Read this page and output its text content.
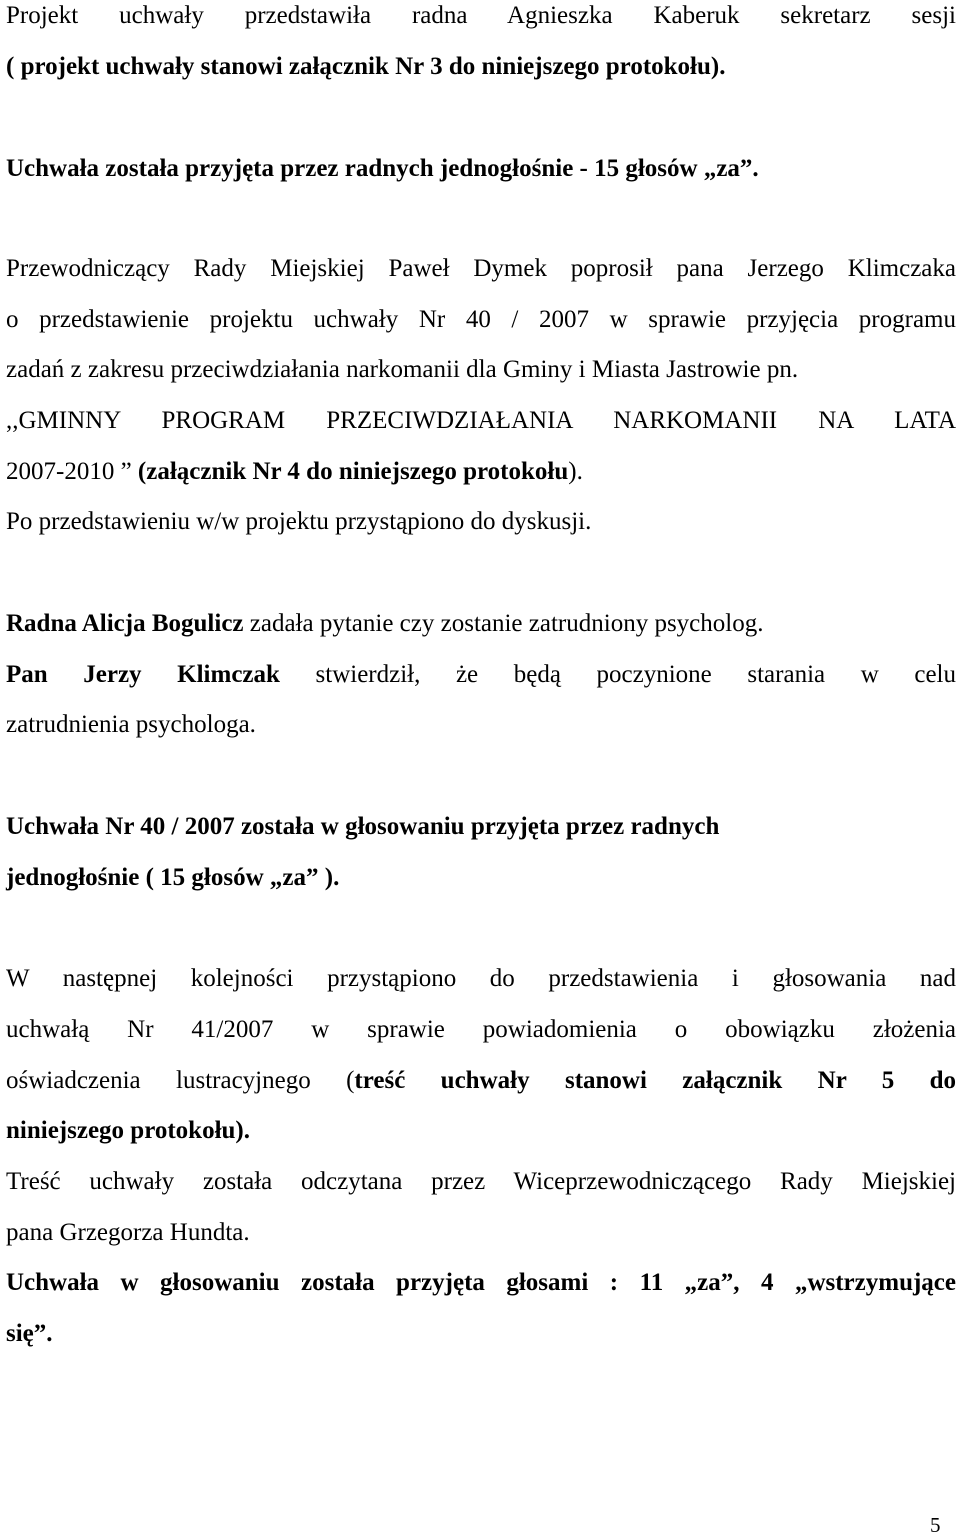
Projekt uchwały przedstawiła radna Agnieszka Kaberuk sekretarz sesji

( projekt uchwały stanowi załącznik Nr 3 do niniejszego protokołu).

Uchwała została przyjęta przez radnych jednogłośnie - 15 głosów „za”.

Przewodniczący Rady Miejskiej Paweł Dymek poprosił pana Jerzego Klimczaka

o przedstawienie projektu uchwały Nr 40 / 2007 w sprawie przyjęcia programu

zadań z zakresu przeciwdziałania narkomanii dla Gminy i Miasta Jastrowie pn.

,,GMINNY PROGRAM PRZECIWDZIAŁANIA NARKOMANII NA LATA

2007-2010 ” (załącznik Nr 4 do niniejszego protokołu).

Po przedstawieniu w/w projektu przystąpiono do dyskusji.

Radna Alicja Bogulicz zadała pytanie czy zostanie zatrudniony psycholog.

Pan Jerzy Klimczak stwierdził, że będą poczynione starania w celu

zatrudnienia psychologa.

Uchwała Nr 40 / 2007 została w głosowaniu przyjęta przez radnych

jednogłośnie ( 15 głosów „za” ).

W następnej kolejności przystąpiono do przedstawienia i głosowania nad

uchwałą Nr 41/2007 w sprawie powiadomienia o obowiązku złożenia

oświadczenia lustracyjnego (treść uchwały stanowi załącznik Nr 5 do

niniejszego protokołu).

Treść uchwały została odczytana przez Wiceprzewodniczącego Rady Miejskiej

pana Grzegorza Hundta.

Uchwała w głosowaniu została przyjęta głosami : 11 „za”, 4 „wstrzymujące

się”.

5
